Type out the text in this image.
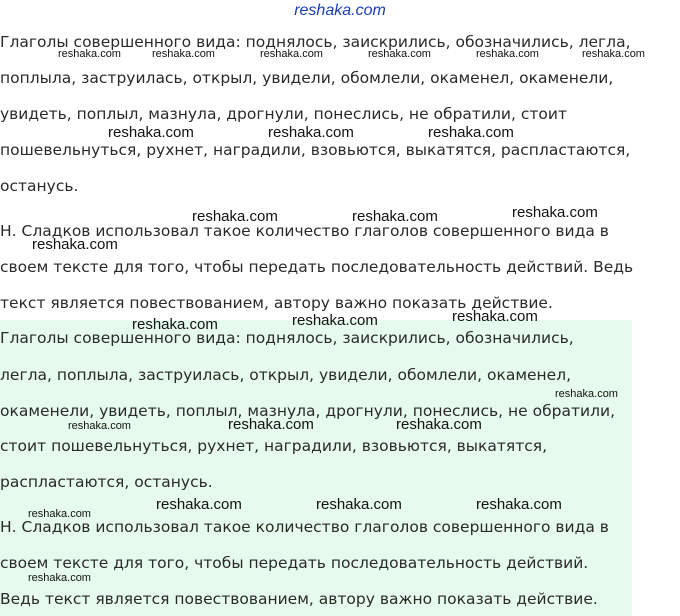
reshaka.com
Глаголы совершенного вида: поднялось, заискрились, обозначились, легла,
поплыла, заструилась, открыл, увидели, обомлели, окаменел, окаменели,
увидеть, поплыл, мазнула, дрогнули, понеслись, не обратили, стоит
пошевельнуться, рухнет, наградили, взовьются, выкатятся, распластаются,
останусь.
Н. Сладков использовал такое количество глаголов совершенного вида в
своем тексте для того, чтобы передать последовательность действий. Ведь
текст является повествованием, автору важно показать действие.
Глаголы совершенного вида: поднялось, заискрились, обозначились,
легла, поплыла, заструилась, открыл, увидели, обомлели, окаменел,
окаменели, увидеть, поплыл, мазнула, дрогнули, понеслись, не обратили,
стоит пошевельнуться, рухнет, наградили, взовьются, выкатятся,
распластаются, останусь.
Н. Сладков использовал такое количество глаголов совершенного вида в
своем тексте для того, чтобы передать последовательность действий.
Ведь текст является повествованием, автору важно показать действие.
reshaka.com	reshaka.com	reshaka.com	reshaka.com	reshaka.com	reshaka.com
reshaka.com	reshaka.com	reshaka.com
reshaka.com	reshaka.com	reshaka.com
reshaka.com
reshaka.com	reshaka.com	reshaka.com
reshaka.com
reshaka.com	reshaka.com	reshaka.com
reshaka.com	reshaka.com	reshaka.com
reshaka.com
reshaka.com
